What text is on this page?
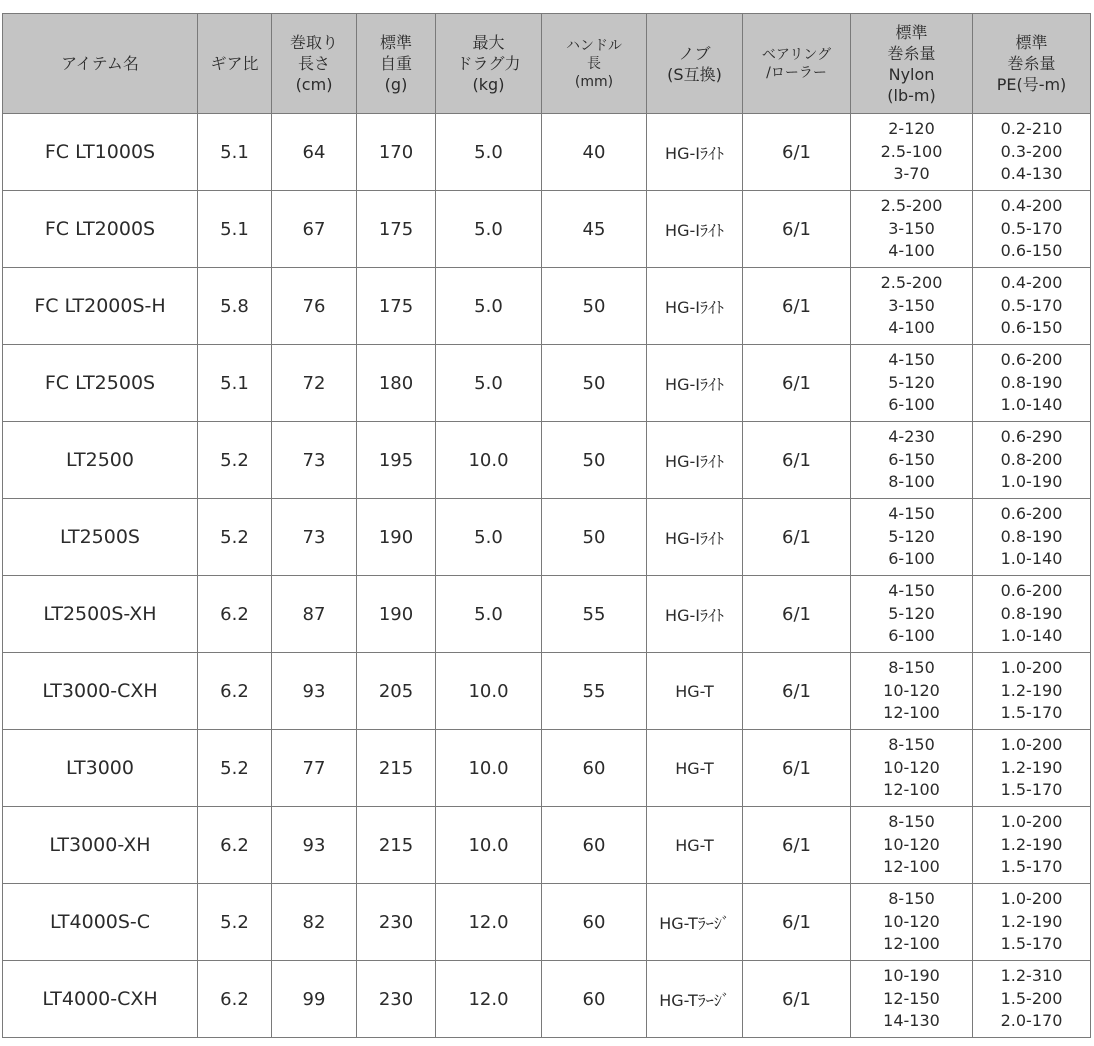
アイテム名	ギア比	巻取り
長さ
(cm)	標準
自重
(g)	最大
ドラグ力
(kg)	ハンドル
長
(mm)	ノブ
(S互換)	ベアリング
/ローラー	標準
巻糸量
Nylon
(lb-m)	標準
巻糸量
PE(号-m)

FC LT1000S	5.1	64	170	5.0	40	HG-Iﾗｲﾄ	6/1	2-120
2.5-100
3-70	0.2-210
0.3-200
0.4-130

FC LT2000S	5.1	67	175	5.0	45	HG-Iﾗｲﾄ	6/1	2.5-200
3-150
4-100	0.4-200
0.5-170
0.6-150

FC LT2000S-H	5.8	76	175	5.0	50	HG-Iﾗｲﾄ	6/1	2.5-200
3-150
4-100	0.4-200
0.5-170
0.6-150

FC LT2500S	5.1	72	180	5.0	50	HG-Iﾗｲﾄ	6/1	4-150
5-120
6-100	0.6-200
0.8-190
1.0-140

LT2500	5.2	73	195	10.0	50	HG-Iﾗｲﾄ	6/1	4-230
6-150
8-100	0.6-290
0.8-200
1.0-190

LT2500S	5.2	73	190	5.0	50	HG-Iﾗｲﾄ	6/1	4-150
5-120
6-100	0.6-200
0.8-190
1.0-140

LT2500S-XH	6.2	87	190	5.0	55	HG-Iﾗｲﾄ	6/1	4-150
5-120
6-100	0.6-200
0.8-190
1.0-140

LT3000-CXH	6.2	93	205	10.0	55	HG-T	6/1	8-150
10-120
12-100	1.0-200
1.2-190
1.5-170

LT3000	5.2	77	215	10.0	60	HG-T	6/1	8-150
10-120
12-100	1.0-200
1.2-190
1.5-170

LT3000-XH	6.2	93	215	10.0	60	HG-T	6/1	8-150
10-120
12-100	1.0-200
1.2-190
1.5-170

LT4000S-C	5.2	82	230	12.0	60	HG-Tﾗｰｼﾞ	6/1	8-150
10-120
12-100	1.0-200
1.2-190
1.5-170

LT4000-CXH	6.2	99	230	12.0	60	HG-Tﾗｰｼﾞ	6/1	10-190
12-150
14-130	1.2-310
1.5-200
2.0-170
